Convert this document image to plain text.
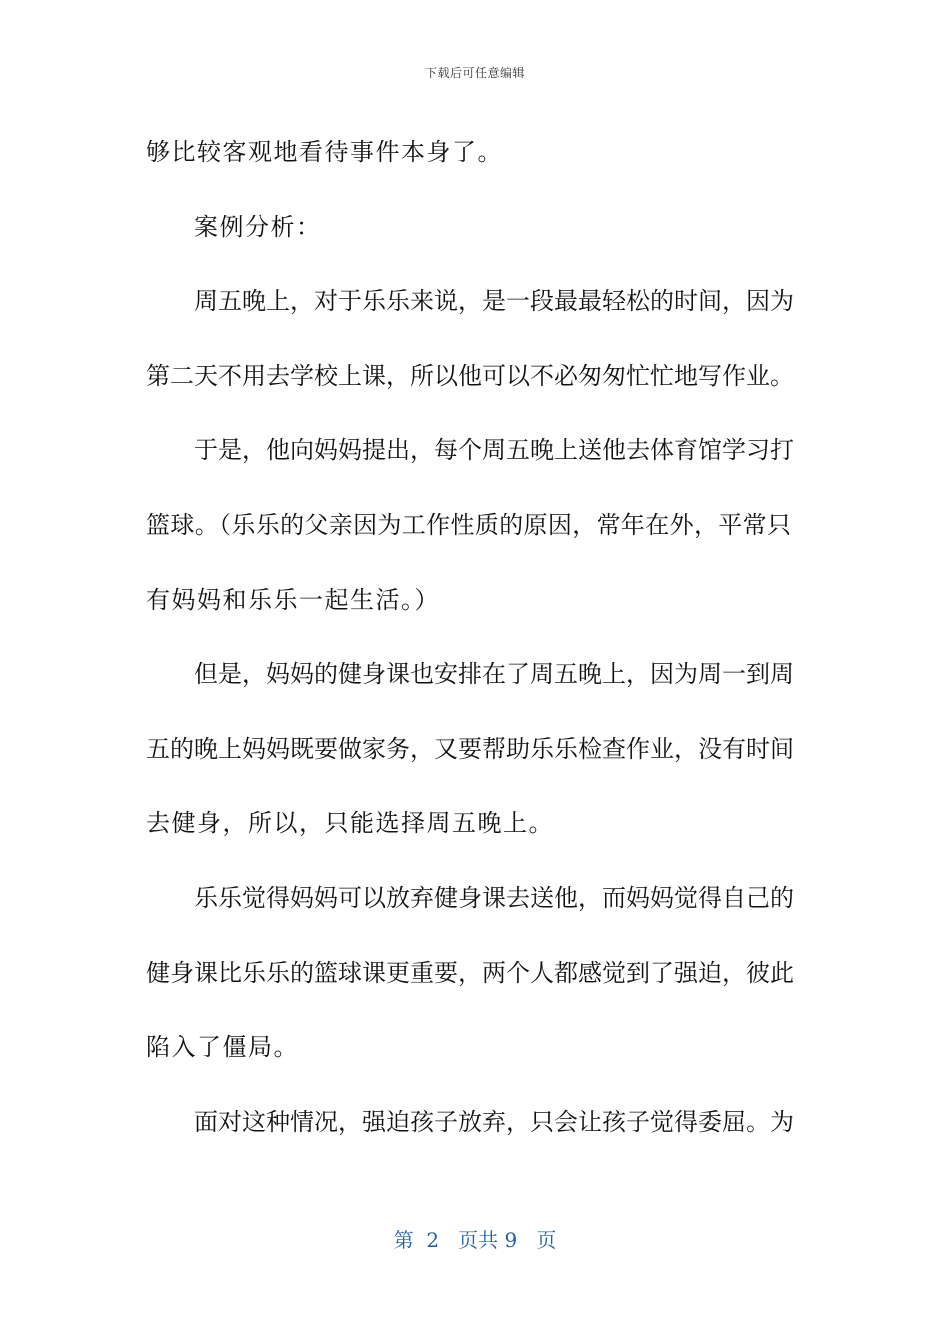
下载后可任意编辑
够比较客观地看待事件本身了。
案例分析：
周五晚上，对于乐乐来说，是一段最最轻松的时间，因为
第二天不用去学校上课，所以他可以不必匆匆忙忙地写作业。
于是，他向妈妈提出，每个周五晚上送他去体育馆学习打
篮球。（乐乐的父亲因为工作性质的原因，常年在外，平常只
有妈妈和乐乐一起生活。）
但是，妈妈的健身课也安排在了周五晚上，因为周一到周
五的晚上妈妈既要做家务，又要帮助乐乐检查作业，没有时间
去健身，所以，只能选择周五晚上。
乐乐觉得妈妈可以放弃健身课去送他，而妈妈觉得自己的
健身课比乐乐的篮球课更重要，两个人都感觉到了强迫，彼此
陷入了僵局。
面对这种情况，强迫孩子放弃，只会让孩子觉得委屈。为
第  2   页共 9   页
